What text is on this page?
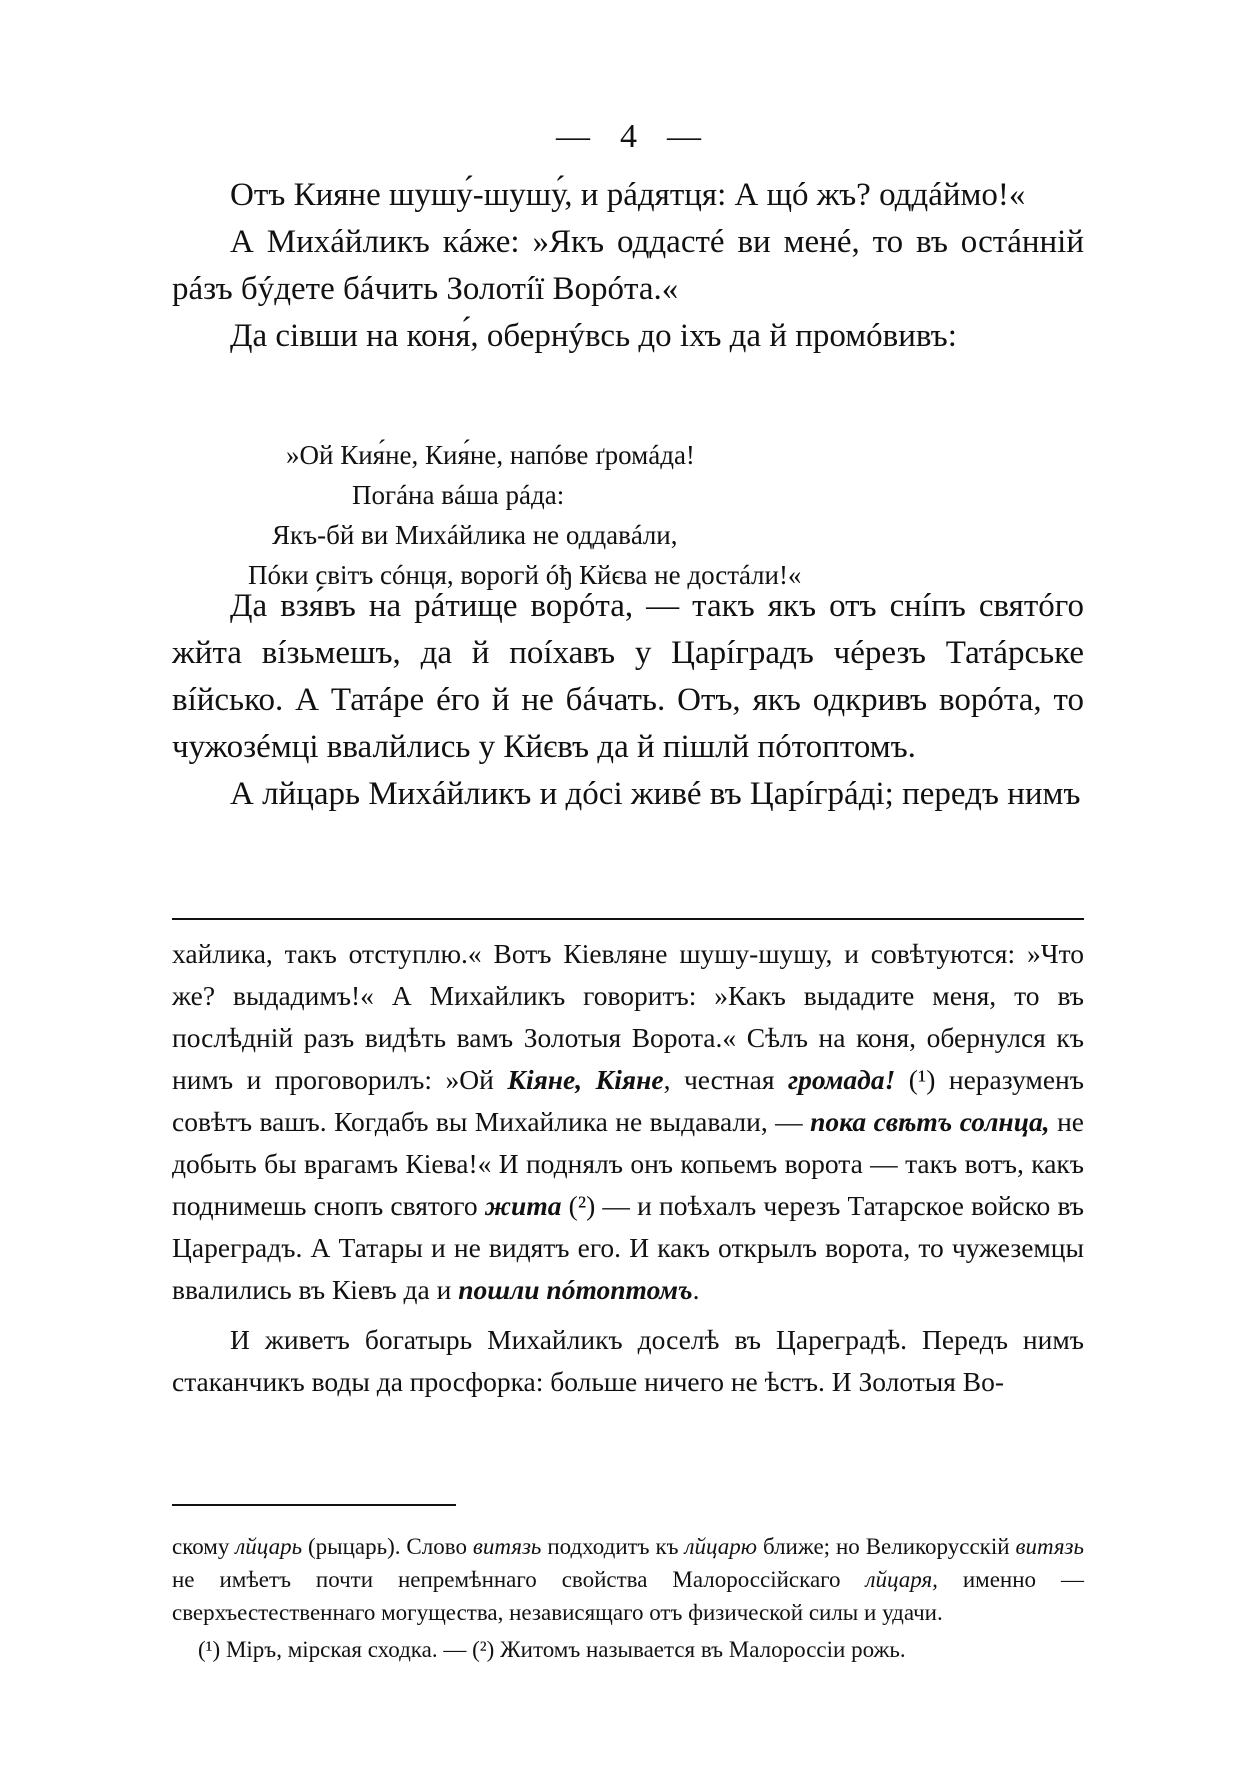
— 4 —

Отъ Кияне шушу́-шушу́, и рáдятця: А щó жъ? оддáймо!«

А Михáйликъ кáже: »Якъ оддастé ви менé, то въ остáнній рáзъ бýдете бáчить Золотíї Ворóта.«

Да сівши на коня́, обернýвсь до іхъ да й промóвивъ:

»Ой Кия́не, Кия́не, напóве ґромáда!
Погáна вáша рáда:
Якъ-бй ви Михáйлика не оддавáли,
Пóки світъ сóнця, ворогй óђ Кйєва не достáли!«

Да взя́въ на рáтище ворóта, — такъ якъ отъ снíпъ святóго жйта вíзьмешъ, да й поíхавъ у Царíградъ чéрезъ Татáрське вíйсько. А Татáре éго й не бáчать. Отъ, якъ одкривъ ворóта, то чужозéмці ввалйлись у Кйєвъ да й пішлй пóтоптомъ.

А лйцарь Михáйликъ и дóсі живé въ Царíгрáді; передъ нимъ

хайлика, такъ отступлю.« Вотъ Кіевляне шушу-шушу, и совѣтуются: »Что же? выдадимъ!« А Михайликъ говоритъ: »Какъ выдадите меня, то въ послѣдній разъ видѣть вамъ Золотыя Ворота.« Сѣлъ на коня, обернулся къ нимъ и проговорилъ: »Ой Кіяне, Кіяне, честная громада! (¹) неразуменъ совѣтъ вашъ. Когдабъ вы Михайлика не выдавали, — пока свѣтъ солнца, не добыть бы врагамъ Кіева!« И поднялъ онъ копьемъ ворота — такъ вотъ, какъ поднимешь снопъ святого жита (²) — и поѣхалъ черезъ Татарское войско въ Цареградъ. А Татары и не видятъ его. И какъ открылъ ворота, то чужеземцы ввалились въ Кіевъ да и пошли пóтоптомъ.

И живетъ богатырь Михайликъ доселѣ въ Цареградѣ. Передъ нимъ стаканчикъ воды да просфорка: больше ничего не ѣстъ. И Золотыя Во-

скому лйцарь (рыцарь). Слово витязь подходитъ къ лйцарю ближе; но Великорусскій витязь не имѣетъ почти непремѣннаго свойства Малороссійскаго лйцаря, именно — сверхъестественнаго могущества, независящаго отъ физической силы и удачи.

(¹) Міръ, мірская сходка. — (²) Житомъ называется въ Малороссіи рожь.
